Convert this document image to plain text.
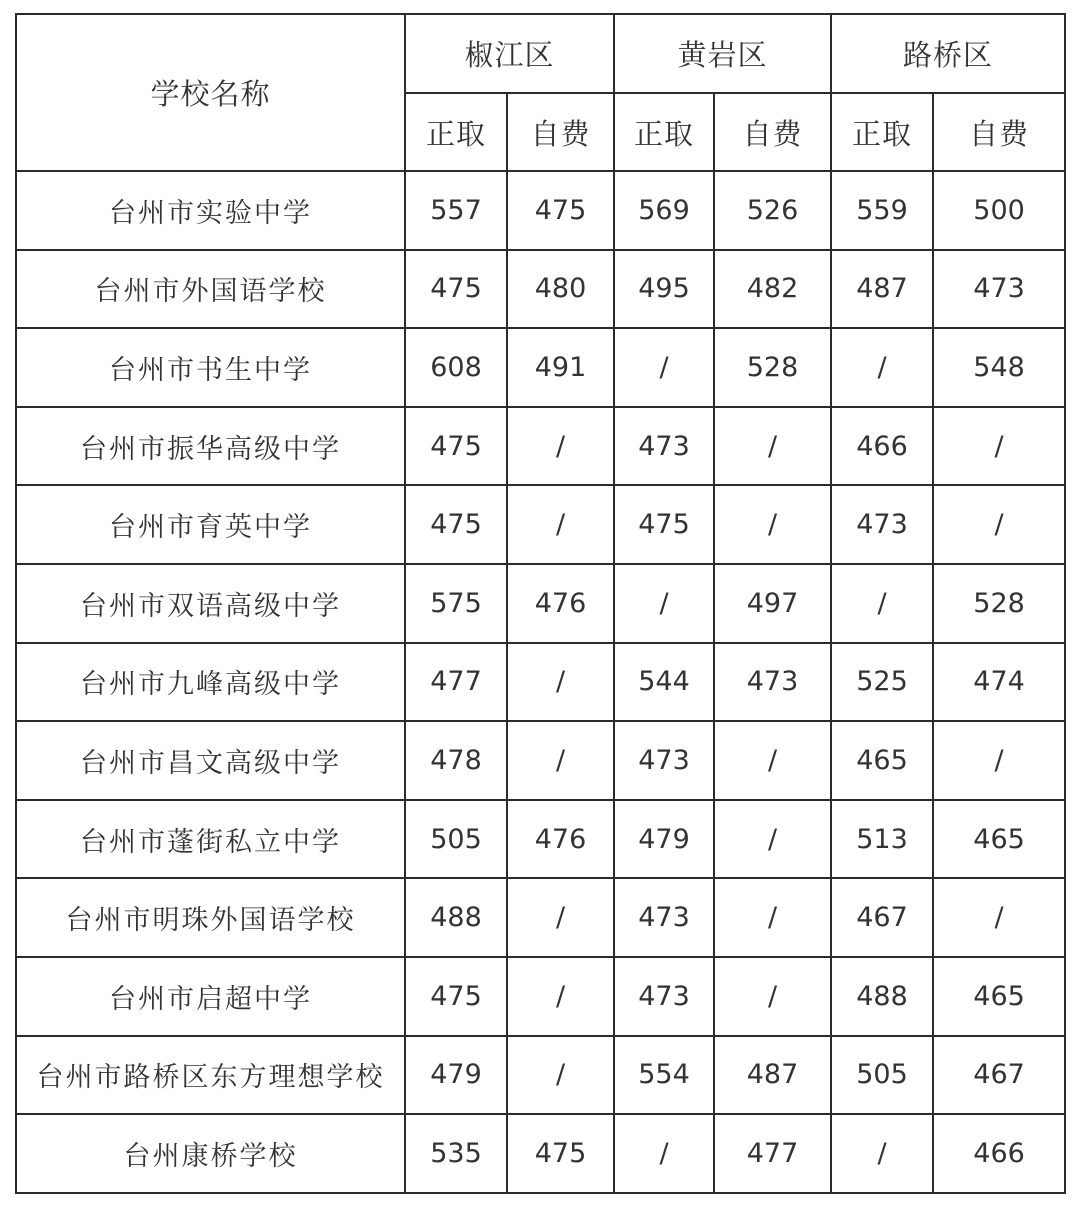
学校名称	椒江区		黄岩区		路桥区	
	正取	自费	正取	自费	正取	自费
台州市实验中学	557	475	569	526	559	500
台州市外国语学校	475	480	495	482	487	473
台州市书生中学	608	491	/	528	/	548
台州市振华高级中学	475	/	473	/	466	/
台州市育英中学	475	/	475	/	473	/
台州市双语高级中学	575	476	/	497	/	528
台州市九峰高级中学	477	/	544	473	525	474
台州市昌文高级中学	478	/	473	/	465	/
台州市蓬街私立中学	505	476	479	/	513	465
台州市明珠外国语学校	488	/	473	/	467	/
台州市启超中学	475	/	473	/	488	465
台州市路桥区东方理想学校	479	/	554	487	505	467
台州康桥学校	535	475	/	477	/	466
